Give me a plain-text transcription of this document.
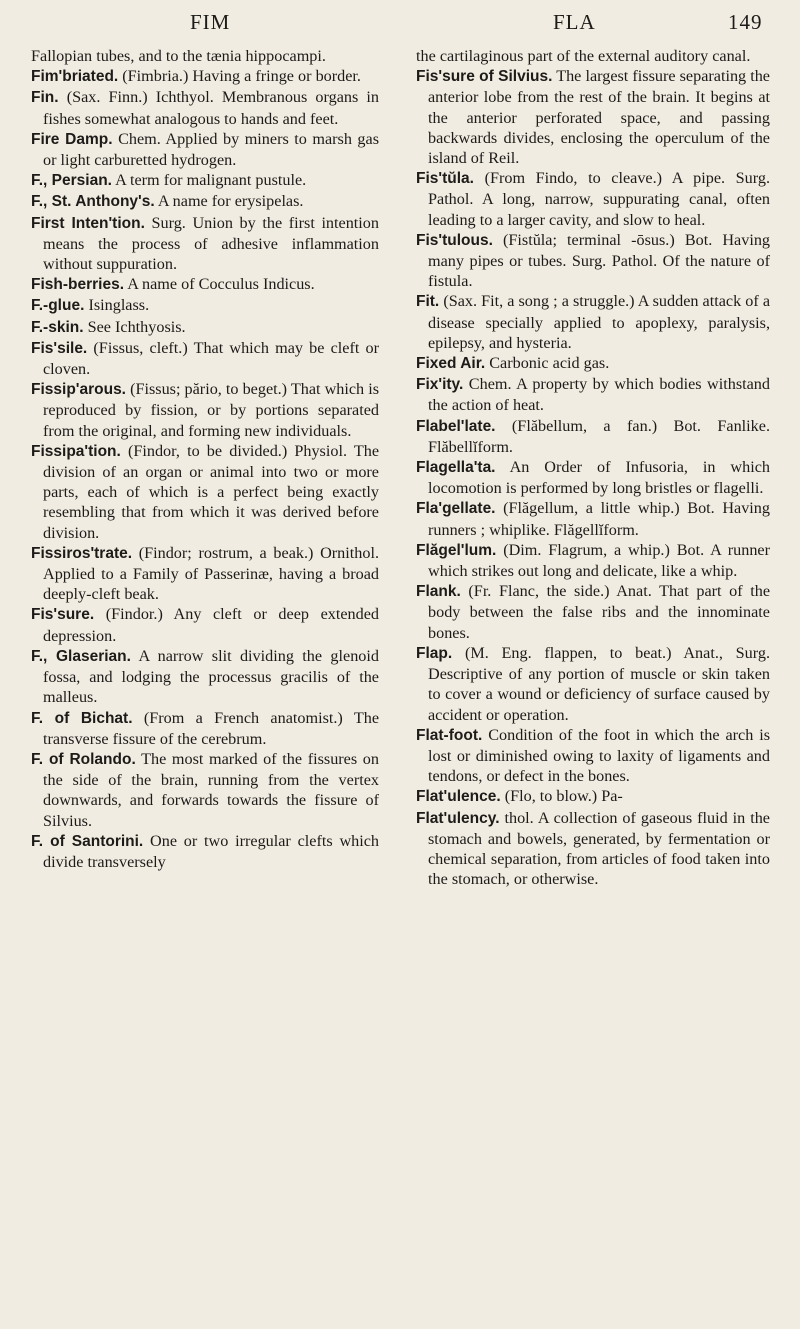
FIM	FLA	149

Fallopian tubes, and to the tænia hippocampi.

Fim'briated. (Fimbria.) Having a fringe or border.

Fin. (Sax. Finn.) Ichthyol. Membranous organs in fishes somewhat analogous to hands and feet.

Fire Damp. Chem. Applied by miners to marsh gas or light carburetted hydrogen.

F., Persian. A term for malignant pustule.

F., St. Anthony's. A name for erysipelas.

First Inten'tion. Surg. Union by the first intention means the process of adhesive inflammation without suppuration.

Fish-berries. A name of Cocculus Indicus.

F.-glue. Isinglass.

F.-skin. See Ichthyosis.

Fis'sile. (Fissus, cleft.) That which may be cleft or cloven.

Fissip'arous. (Fissus; părio, to beget.) That which is reproduced by fission, or by portions separated from the original, and forming new individuals.

Fissipa'tion. (Findor, to be divided.) Physiol. The division of an organ or animal into two or more parts, each of which is a perfect being exactly resembling that from which it was derived before division.

Fissiros'trate. (Findor; rostrum, a beak.) Ornithol. Applied to a Family of Passerinæ, having a broad deeply-cleft beak.

Fis'sure. (Findor.) Any cleft or deep extended depression.

F., Glaserian. A narrow slit dividing the glenoid fossa, and lodging the processus gracilis of the malleus.

F. of Bichat. (From a French anatomist.) The transverse fissure of the cerebrum.

F. of Rolando. The most marked of the fissures on the side of the brain, running from the vertex downwards, and forwards towards the fissure of Silvius.

F. of Santorini. One or two irregular clefts which divide transversely

the cartilaginous part of the external auditory canal.

Fis'sure of Silvius. The largest fissure separating the anterior lobe from the rest of the brain. It begins at the anterior perforated space, and passing backwards divides, enclosing the operculum of the island of Reil.

Fis'tŭla. (From Findo, to cleave.) A pipe. Surg. Pathol. A long, narrow, suppurating canal, often leading to a larger cavity, and slow to heal.

Fis'tulous. (Fistŭla; terminal -ōsus.) Bot. Having many pipes or tubes. Surg. Pathol. Of the nature of fistula.

Fit. (Sax. Fit, a song ; a struggle.) A sudden attack of a disease specially applied to apoplexy, paralysis, epilepsy, and hysteria.

Fixed Air. Carbonic acid gas.

Fix'ity. Chem. A property by which bodies withstand the action of heat.

Flabel'late. (Flăbellum, a fan.) Bot. Fanlike. Flăbellĭform.

Flagella'ta. An Order of Infusoria, in which locomotion is performed by long bristles or flagelli.

Fla'gellate. (Flăgellum, a little whip.) Bot. Having runners ; whiplike. Flăgellĭform.

Flăgel'lum. (Dim. Flagrum, a whip.) Bot. A runner which strikes out long and delicate, like a whip.

Flank. (Fr. Flanc, the side.) Anat. That part of the body between the false ribs and the innominate bones.

Flap. (M. Eng. flappen, to beat.) Anat., Surg. Descriptive of any portion of muscle or skin taken to cover a wound or deficiency of surface caused by accident or operation.

Flat-foot. Condition of the foot in which the arch is lost or diminished owing to laxity of ligaments and tendons, or defect in the bones.

Flat'ulence. (Flo, to blow.) Pa-

Flat'ulency. thol. A collection of gaseous fluid in the stomach and bowels, generated, by fermentation or chemical separation, from articles of food taken into the stomach, or otherwise.
